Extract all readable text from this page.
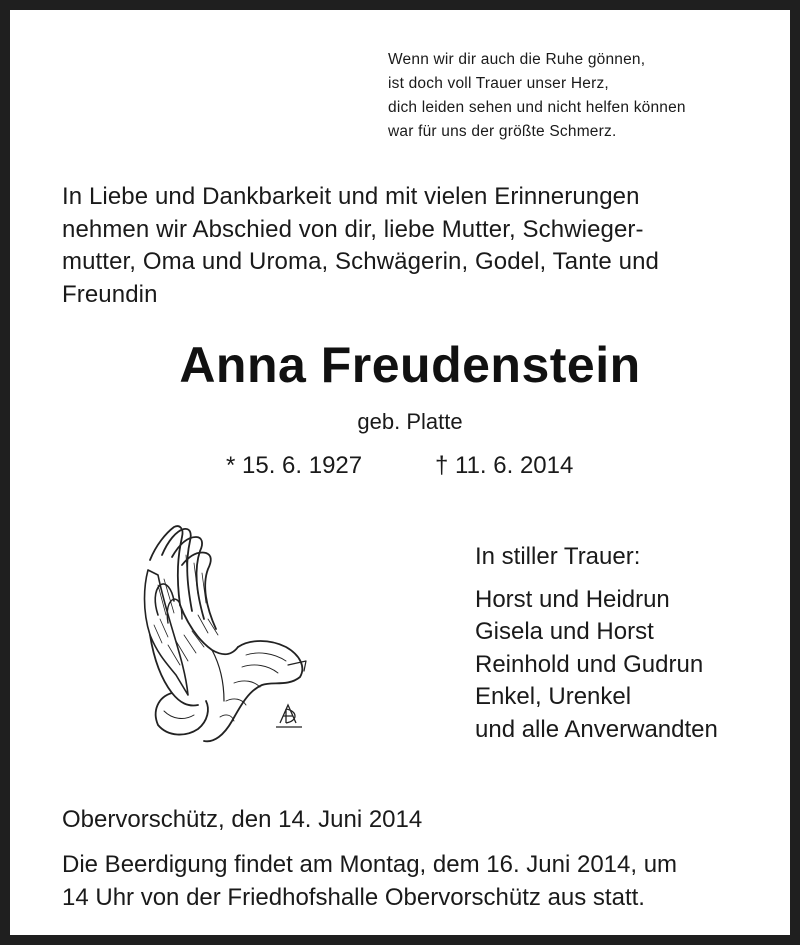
Wenn wir dir auch die Ruhe gönnen,
ist doch voll Trauer unser Herz,
dich leiden sehen und nicht helfen können
war für uns der größte Schmerz.
In Liebe und Dankbarkeit und mit vielen Erinnerungen
nehmen wir Abschied von dir, liebe Mutter, Schwieger-
mutter, Oma und Uroma, Schwägerin, Godel, Tante und
Freundin
Anna Freudenstein
geb. Platte
* 15. 6. 1927	† 11. 6. 2014
In stiller Trauer:
Horst und Heidrun
Gisela und Horst
Reinhold und Gudrun
Enkel, Urenkel
und alle Anverwandten
Obervorschütz, den 14. Juni 2014
Die Beerdigung findet am Montag, dem 16. Juni 2014, um
14 Uhr von der Friedhofshalle Obervorschütz aus statt.
